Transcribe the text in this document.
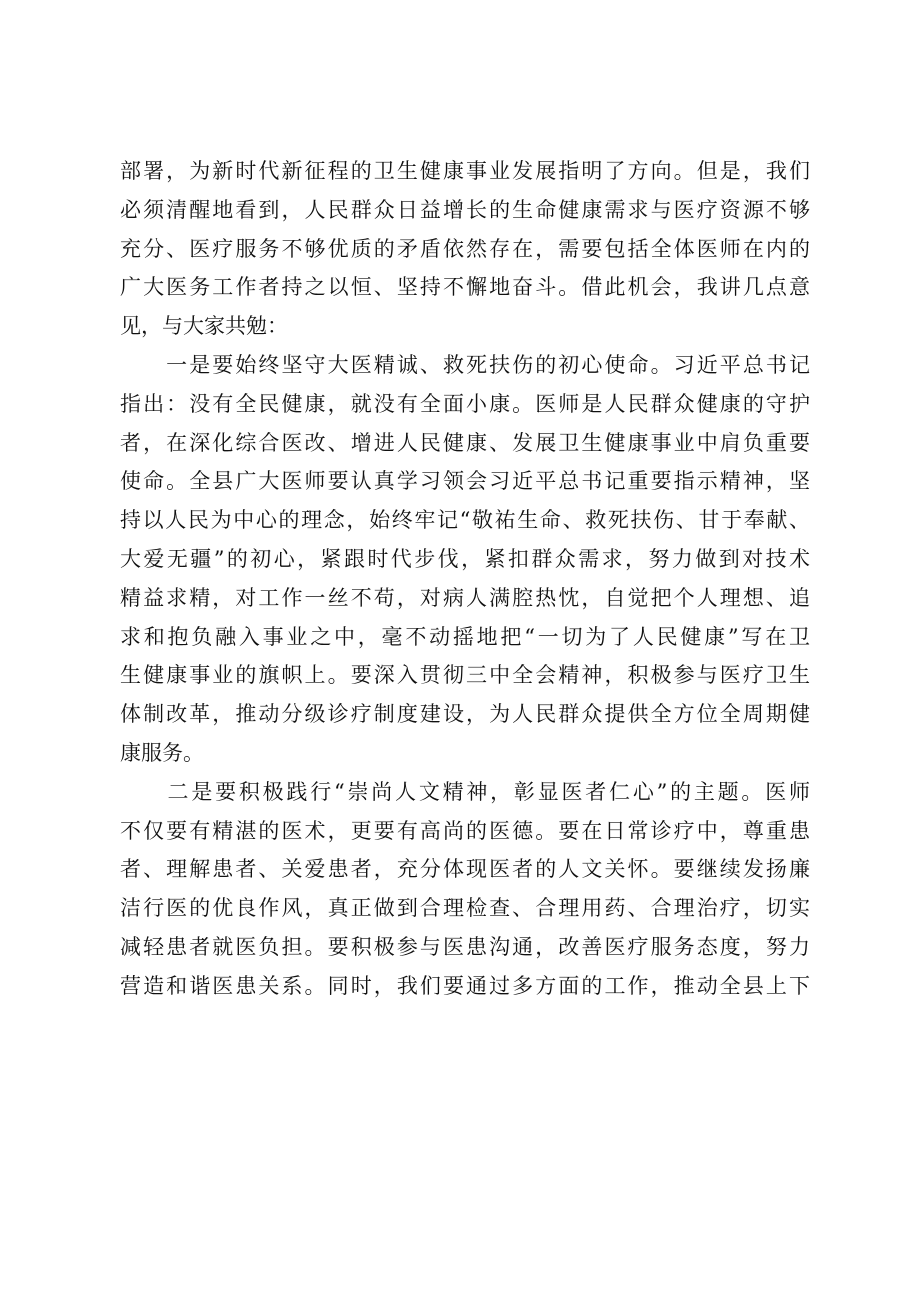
部署，为新时代新征程的卫生健康事业发展指明了方向。但是，我们
必须清醒地看到，人民群众日益增长的生命健康需求与医疗资源不够
充分、医疗服务不够优质的矛盾依然存在，需要包括全体医师在内的
广大医务工作者持之以恒、坚持不懈地奋斗。借此机会，我讲几点意
见，与大家共勉：
　　一是要始终坚守大医精诚、救死扶伤的初心使命。习近平总书记
指出：没有全民健康，就没有全面小康。医师是人民群众健康的守护
者，在深化综合医改、增进人民健康、发展卫生健康事业中肩负重要
使命。全县广大医师要认真学习领会习近平总书记重要指示精神，坚
持以人民为中心的理念，始终牢记“敬祐生命、救死扶伤、甘于奉献、
大爱无疆”的初心，紧跟时代步伐，紧扣群众需求，努力做到对技术
精益求精，对工作一丝不苟，对病人满腔热忱，自觉把个人理想、追
求和抱负融入事业之中，毫不动摇地把“一切为了人民健康”写在卫
生健康事业的旗帜上。要深入贯彻三中全会精神，积极参与医疗卫生
体制改革，推动分级诊疗制度建设，为人民群众提供全方位全周期健
康服务。
　　二是要积极践行“崇尚人文精神，彰显医者仁心”的主题。医师
不仅要有精湛的医术，更要有高尚的医德。要在日常诊疗中，尊重患
者、理解患者、关爱患者，充分体现医者的人文关怀。要继续发扬廉
洁行医的优良作风，真正做到合理检查、合理用药、合理治疗，切实
减轻患者就医负担。要积极参与医患沟通，改善医疗服务态度，努力
营造和谐医患关系。同时，我们要通过多方面的工作，推动全县上下
